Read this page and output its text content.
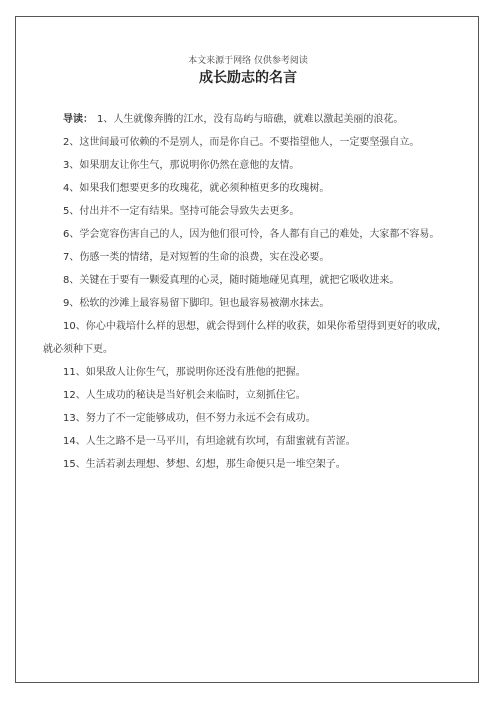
本文来源于网络 仅供参考阅读
成长励志的名言

导读： 1、人生就像奔腾的江水，没有岛屿与暗礁，就难以激起美丽的浪花。

2、这世间最可依赖的不是别人，而是你自己。不要指望他人，一定要坚强自立。

3、如果朋友让你生气，那说明你仍然在意他的友情。

4、如果我们想要更多的玫瑰花，就必须种植更多的玫瑰树。

5、付出并不一定有结果。坚持可能会导致失去更多。

6、学会宽容伤害自己的人，因为他们很可怜，各人都有自己的难处，大家都不容易。

7、伤感一类的情绪，是对短暂的生命的浪费，实在没必要。

8、关键在于要有一颗爱真理的心灵，随时随地碰见真理，就把它吸收进来。

9、松软的沙滩上最容易留下脚印。钽也最容易被潮水抹去。

10、你心中栽培什么样的思想，就会得到什么样的收获，如果你希望得到更好的收成，就必须种下更。

11、如果敌人让你生气，那说明你还没有胜他的把握。

12、人生成功的秘诀是当好机会来临时，立刻抓住它。

13、努力了不一定能够成功，但不努力永远不会有成功。

14、人生之路不是一马平川，有坦途就有坎坷，有甜蜜就有苦涩。

15、生活若剥去理想、梦想、幻想，那生命便只是一堆空架子。
